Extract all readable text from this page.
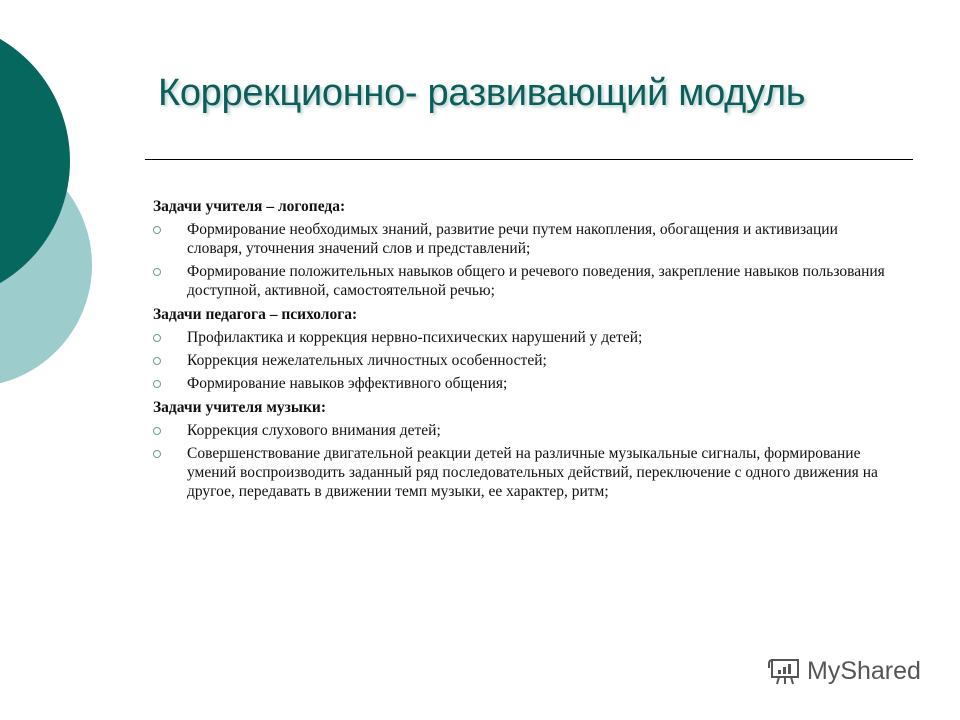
Коррекционно- развивающий модуль
Задачи учителя – логопеда:
Формирование необходимых знаний, развитие речи путем накопления, обогащения и активизации словаря, уточнения значений слов и представлений;
Формирование положительных навыков общего и речевого поведения, закрепление навыков пользования доступной, активной, самостоятельной речью;
Задачи педагога – психолога:
Профилактика и коррекция нервно-психических нарушений у детей;
Коррекция нежелательных личностных особенностей;
Формирование навыков эффективного общения;
Задачи учителя музыки:
Коррекция слухового внимания детей;
Совершенствование двигательной реакции детей на различные музыкальные сигналы, формирование умений воспроизводить заданный ряд последовательных действий, переключение с одного движения на другое, передавать в движении темп музыки, ее характер, ритм;
MyShared
